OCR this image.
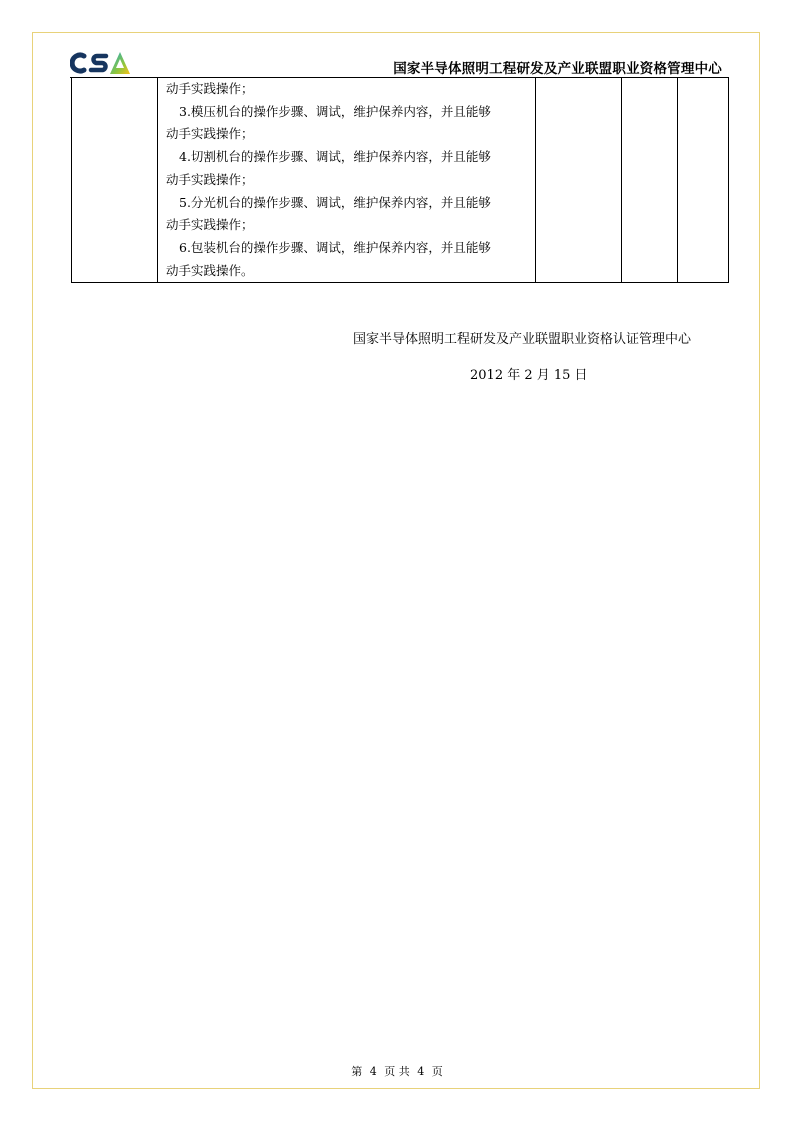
国家半导体照明工程研发及产业联盟职业资格管理中心

动手实践操作；
3.模压机台的操作步骤、调试，维护保养内容，并且能够
动手实践操作；
4.切割机台的操作步骤、调试，维护保养内容，并且能够
动手实践操作；
5.分光机台的操作步骤、调试，维护保养内容，并且能够
动手实践操作；
6.包装机台的操作步骤、调试，维护保养内容，并且能够
动手实践操作。

国家半导体照明工程研发及产业联盟职业资格认证管理中心
2012 年 2 月 15 日
第 4 页 共 4 页
